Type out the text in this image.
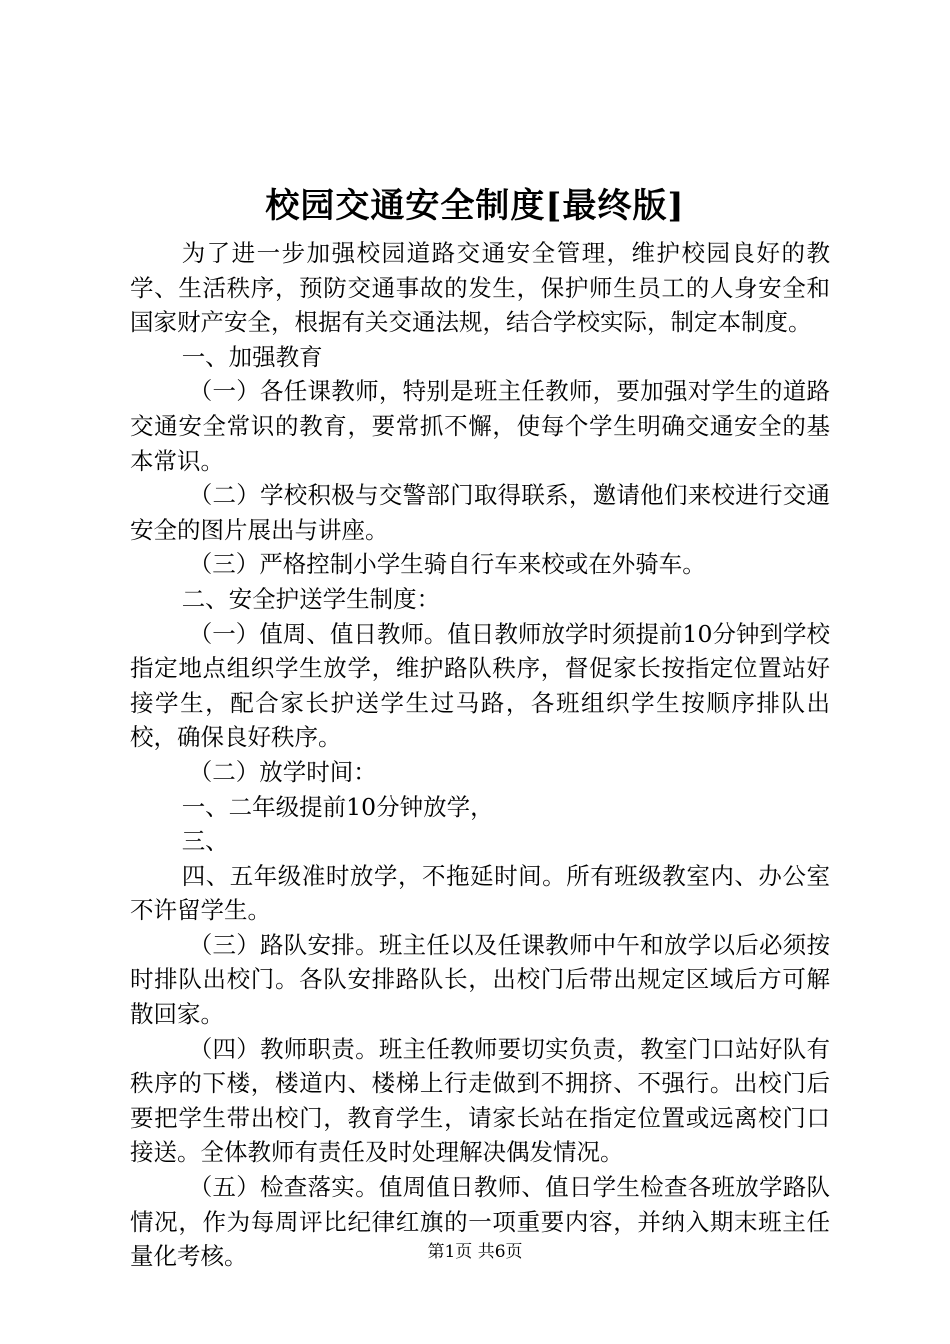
校园交通安全制度[最终版]

为了进一步加强校园道路交通安全管理，维护校园良好的教学、生活秩序，预防交通事故的发生，保护师生员工的人身安全和国家财产安全，根据有关交通法规，结合学校实际，制定本制度。

一、加强教育

（一）各任课教师，特别是班主任教师，要加强对学生的道路交通安全常识的教育，要常抓不懈，使每个学生明确交通安全的基本常识。

（二）学校积极与交警部门取得联系，邀请他们来校进行交通安全的图片展出与讲座。

（三）严格控制小学生骑自行车来校或在外骑车。

二、安全护送学生制度：

（一）值周、值日教师。值日教师放学时须提前10分钟到学校指定地点组织学生放学，维护路队秩序，督促家长按指定位置站好接学生，配合家长护送学生过马路，各班组织学生按顺序排队出校，确保良好秩序。

（二）放学时间：

一、二年级提前10分钟放学，

三、

四、五年级准时放学，不拖延时间。所有班级教室内、办公室不许留学生。

（三）路队安排。班主任以及任课教师中午和放学以后必须按时排队出校门。各队安排路队长，出校门后带出规定区域后方可解散回家。

（四）教师职责。班主任教师要切实负责，教室门口站好队有秩序的下楼，楼道内、楼梯上行走做到不拥挤、不强行。出校门后要把学生带出校门，教育学生，请家长站在指定位置或远离校门口接送。全体教师有责任及时处理解决偶发情况。

（五）检查落实。值周值日教师、值日学生检查各班放学路队情况，作为每周评比纪律红旗的一项重要内容，并纳入期末班主任量化考核。	第1页 共6页
